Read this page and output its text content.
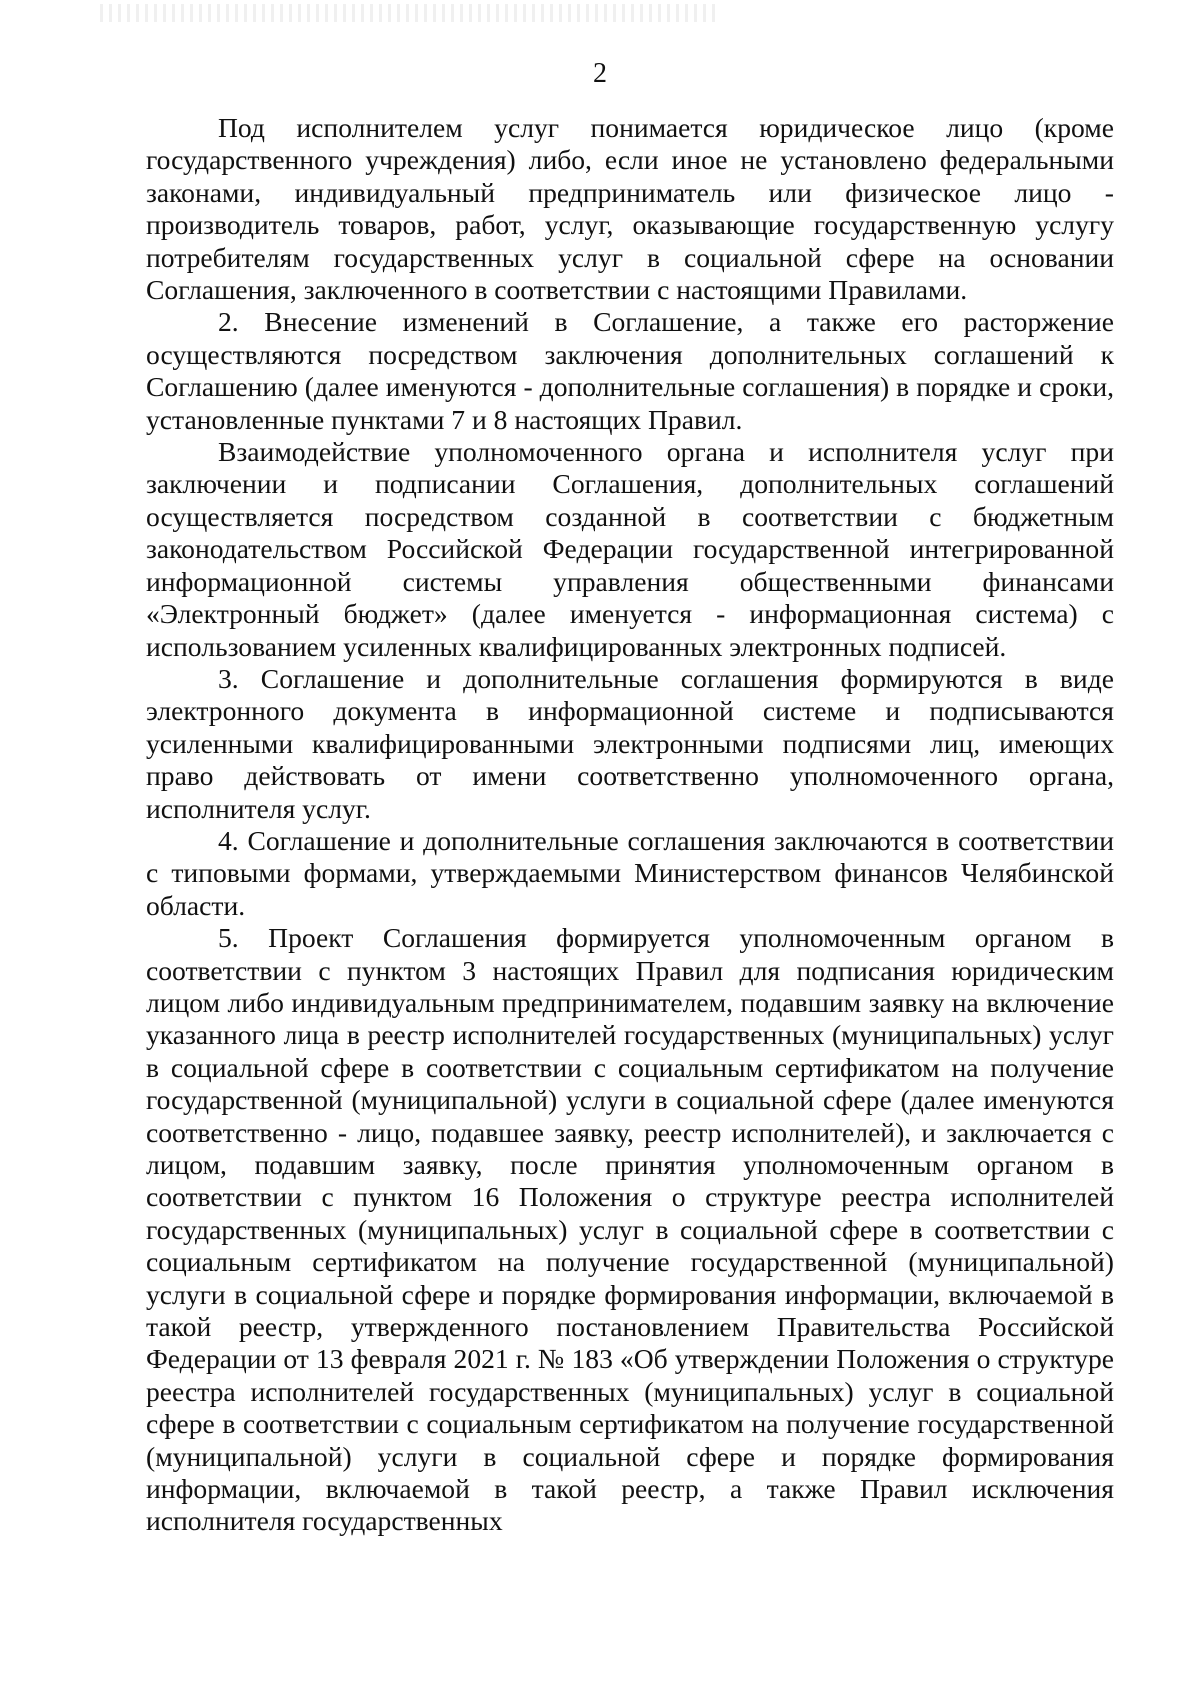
2

Под исполнителем услуг понимается юридическое лицо (кроме государственного учреждения) либо, если иное не установлено федеральными законами, индивидуальный предприниматель или физическое лицо - производитель товаров, работ, услуг, оказывающие государственную услугу потребителям государственных услуг в социальной сфере на основании Соглашения, заключенного в соответствии с настоящими Правилами.

2. Внесение изменений в Соглашение, а также его расторжение осуществляются посредством заключения дополнительных соглашений к Соглашению (далее именуются - дополнительные соглашения) в порядке и сроки, установленные пунктами 7 и 8 настоящих Правил.

Взаимодействие уполномоченного органа и исполнителя услуг при заключении и подписании Соглашения, дополнительных соглашений осуществляется посредством созданной в соответствии с бюджетным законодательством Российской Федерации государственной интегрированной информационной системы управления общественными финансами «Электронный бюджет» (далее именуется - информационная система) с использованием усиленных квалифицированных электронных подписей.

3. Соглашение и дополнительные соглашения формируются в виде электронного документа в информационной системе и подписываются усиленными квалифицированными электронными подписями лиц, имеющих право действовать от имени соответственно уполномоченного органа, исполнителя услуг.

4. Соглашение и дополнительные соглашения заключаются в соответствии с типовыми формами, утверждаемыми Министерством финансов Челябинской области.

5. Проект Соглашения формируется уполномоченным органом в соответствии с пунктом 3 настоящих Правил для подписания юридическим лицом либо индивидуальным предпринимателем, подавшим заявку на включение указанного лица в реестр исполнителей государственных (муниципальных) услуг в социальной сфере в соответствии с социальным сертификатом на получение государственной (муниципальной) услуги в социальной сфере (далее именуются соответственно - лицо, подавшее заявку, реестр исполнителей), и заключается с лицом, подавшим заявку, после принятия уполномоченным органом в соответствии с пунктом 16 Положения о структуре реестра исполнителей государственных (муниципальных) услуг в социальной сфере в соответствии с социальным сертификатом на получение государственной (муниципальной) услуги в социальной сфере и порядке формирования информации, включаемой в такой реестр, утвержденного постановлением Правительства Российской Федерации от 13 февраля 2021 г. № 183 «Об утверждении Положения о структуре реестра исполнителей государственных (муниципальных) услуг в социальной сфере в соответствии с социальным сертификатом на получение государственной (муниципальной) услуги в социальной сфере и порядке формирования информации, включаемой в такой реестр, а также Правил исключения исполнителя государственных
